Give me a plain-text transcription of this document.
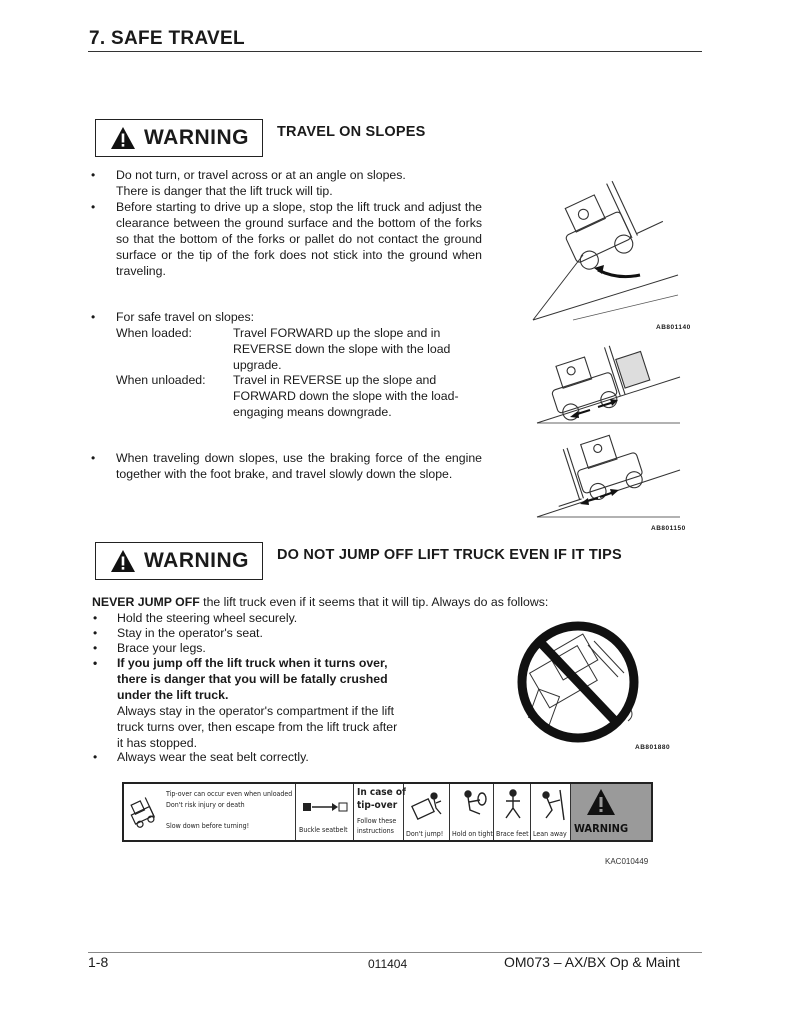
7. SAFE TRAVEL
WARNING TRAVEL ON SLOPES
• Do not turn, or travel across or at an angle on slopes.
There is danger that the lift truck will tip.
• Before starting to drive up a slope, stop the lift truck and adjust the clearance between the ground surface and the bottom of the forks so that the bottom of the forks or pallet do not contact the ground surface or the tip of the fork does not stick into the ground when traveling.
• For safe travel on slopes:
When loaded:	Travel FORWARD up the slope and in REVERSE down the slope with the load upgrade.
When unloaded: Travel in REVERSE up the slope and FORWARD down the slope with the load-engaging means downgrade.
• When traveling down slopes, use the braking force of the engine together with the foot brake, and travel slowly down the slope.
AB801140
AB801150
WARNING DO NOT JUMP OFF LIFT TRUCK EVEN IF IT TIPS
NEVER JUMP OFF the lift truck even if it seems that it will tip. Always do as follows:
• Hold the steering wheel securely.
• Stay in the operator's seat.
• Brace your legs.
• If you jump off the lift truck when it turns over, there is danger that you will be fatally crushed under the lift truck.
Always stay in the operator's compartment if the lift truck turns over, then escape from the lift truck after it has stopped.
• Always wear the seat belt correctly.
AB801880
Tip-over can occur even when unloaded
Don't risk injury or death
Slow down before turning!	Buckle seatbelt
In case of
tip-over
Follow these
instructions Don't jump! Hold on tight Brace feet Lean away WARNING
KAC010449
1-8	011404	OM073 – AX/BX Op & Maint
